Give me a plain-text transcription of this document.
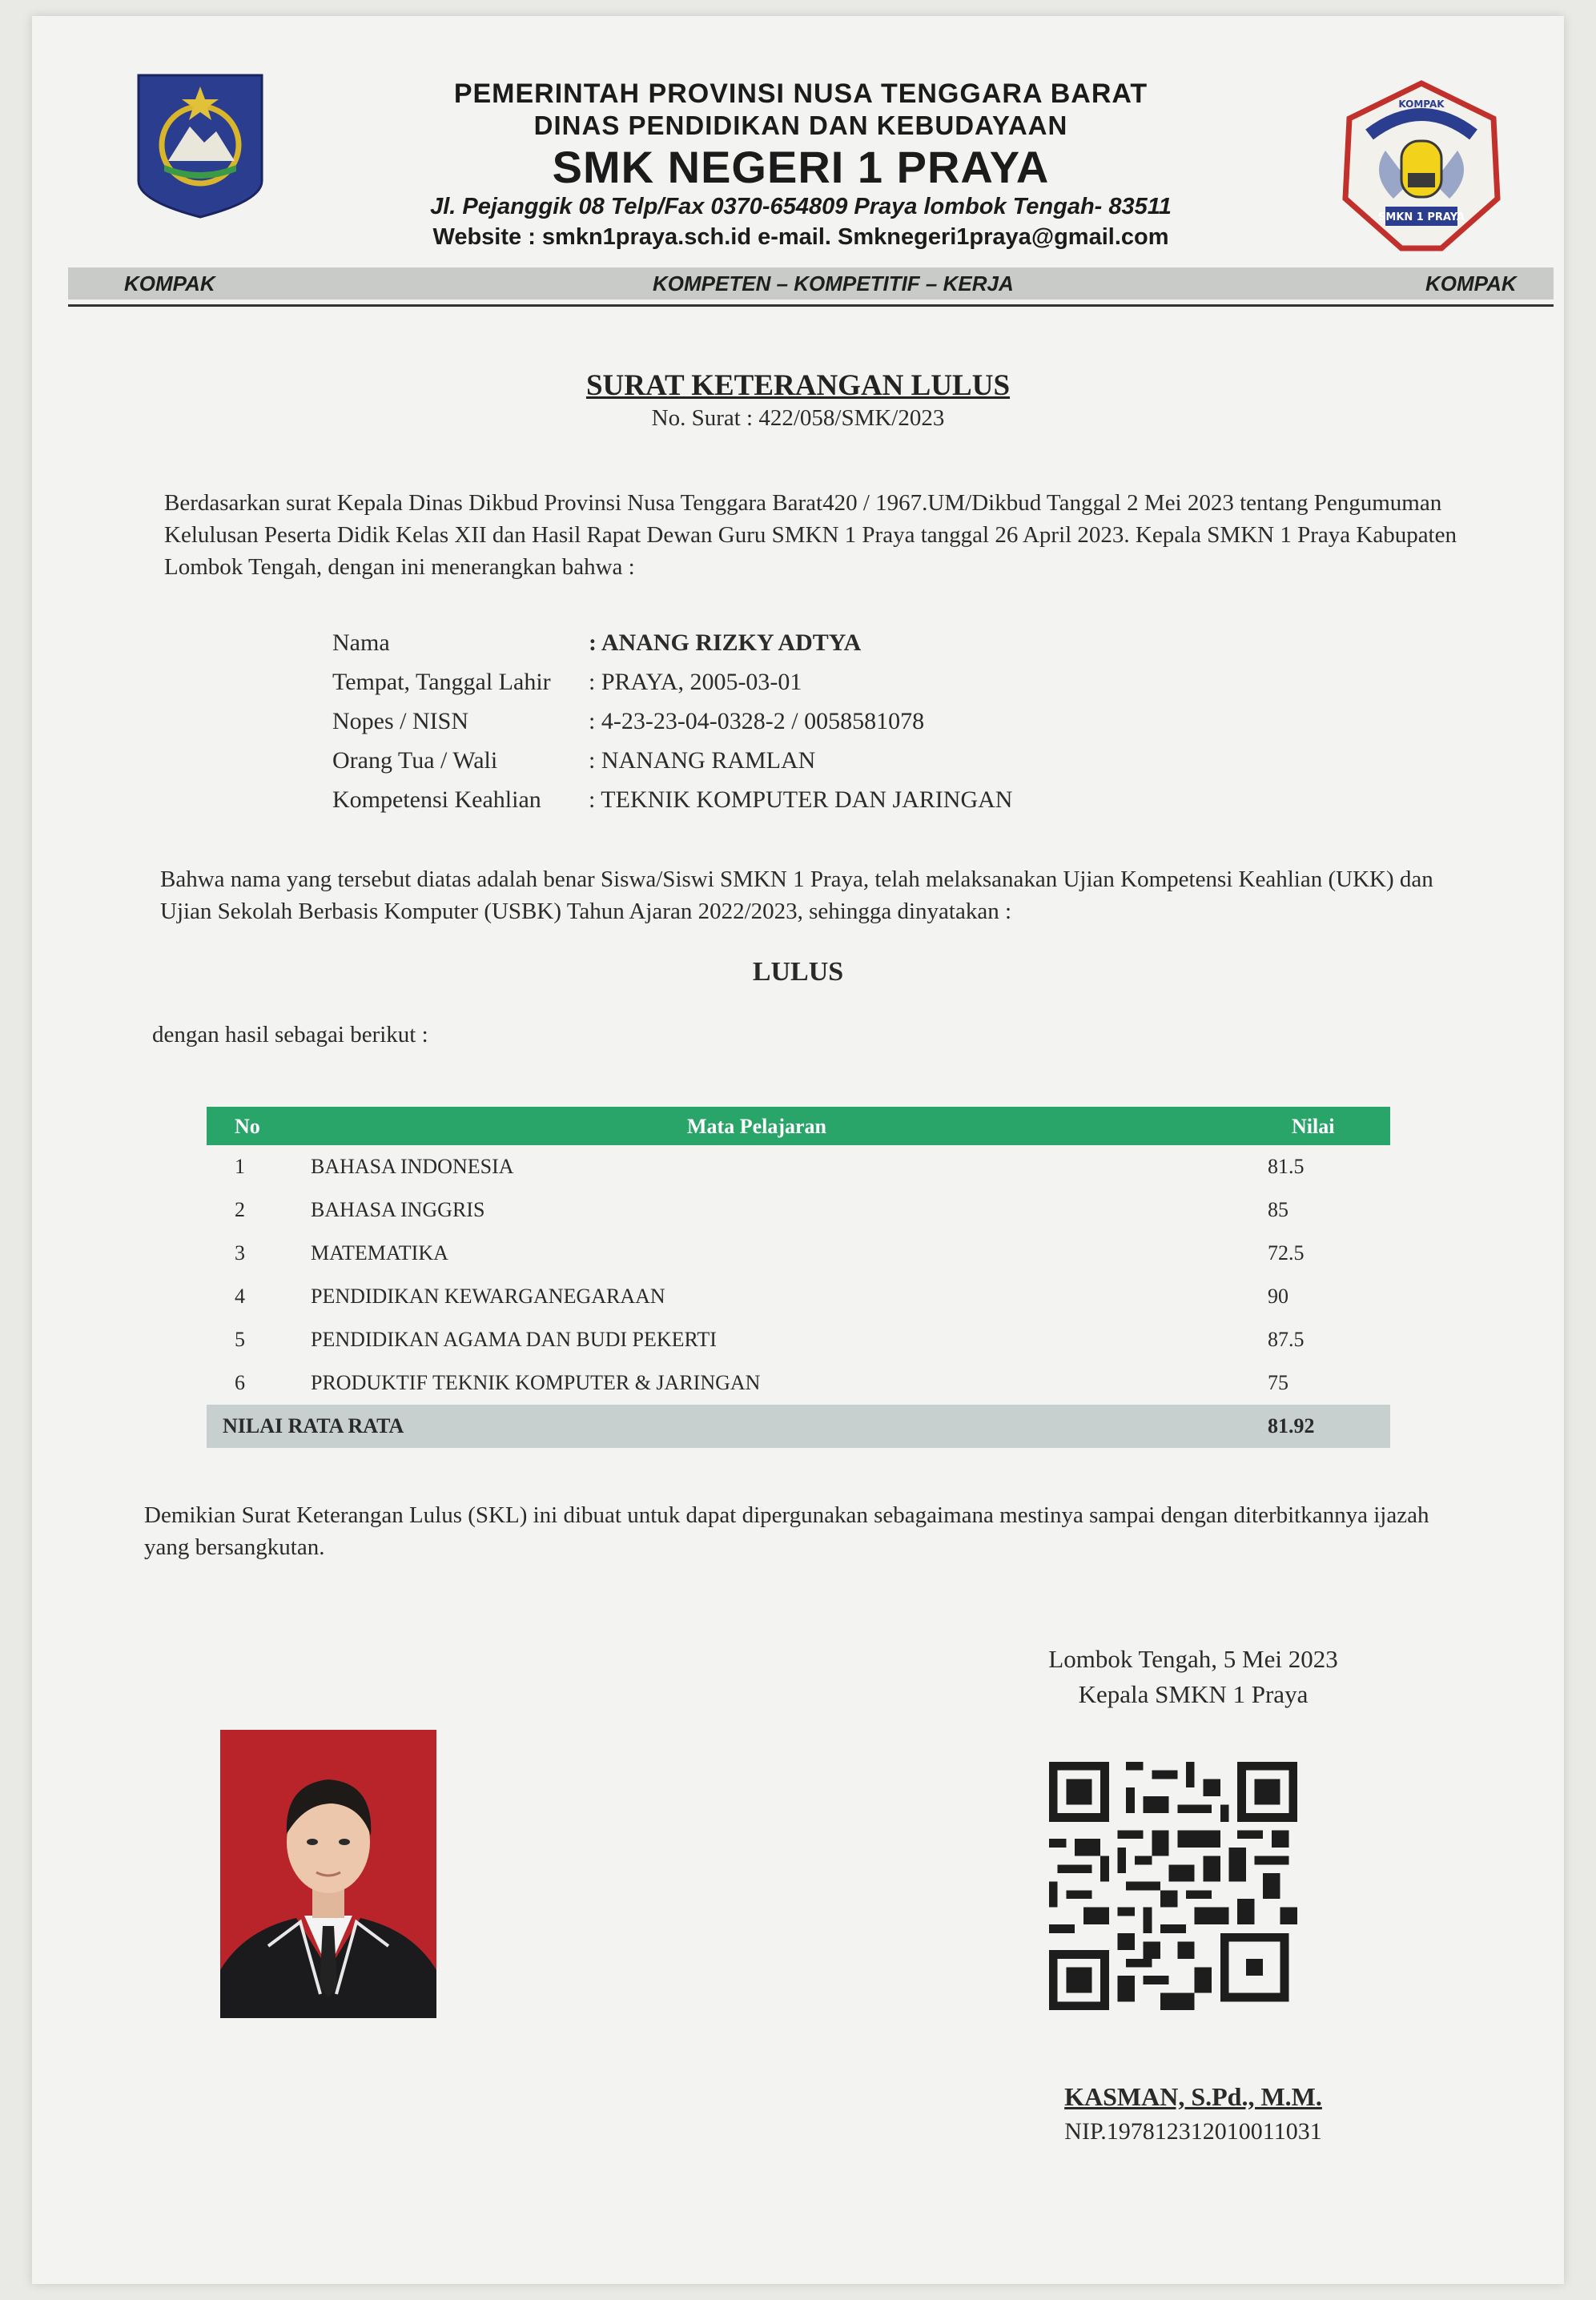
PEMERINTAH PROVINSI NUSA TENGGARA BARAT
DINAS PENDIDIKAN DAN KEBUDAYAAN
SMK NEGERI 1 PRAYA
Jl. Pejanggik 08 Telp/Fax 0370-654809 Praya lombok Tengah- 83511
Website : smkn1praya.sch.id e-mail. Smknegeri1praya@gmail.com
KOMPAK
SMKN 1 PRAYA
KOMPAK	KOMPETEN – KOMPETITIF – KERJA	KOMPAK
SURAT KETERANGAN LULUS
No. Surat : 422/058/SMK/2023
Berdasarkan surat Kepala Dinas Dikbud Provinsi Nusa Tenggara Barat420 / 1967.UM/Dikbud Tanggal 2 Mei 2023 tentang Pengumuman Kelulusan Peserta Didik Kelas XII dan Hasil Rapat Dewan Guru SMKN 1 Praya tanggal 26 April 2023. Kepala SMKN 1 Praya Kabupaten Lombok Tengah, dengan ini menerangkan bahwa :
Nama	: ANANG RIZKY ADTYA
Tempat, Tanggal Lahir	: PRAYA, 2005-03-01
Nopes / NISN	: 4-23-23-04-0328-2 / 0058581078
Orang Tua / Wali	: NANANG RAMLAN
Kompetensi Keahlian	: TEKNIK KOMPUTER DAN JARINGAN
Bahwa nama yang tersebut diatas adalah benar Siswa/Siswi SMKN 1 Praya, telah melaksanakan Ujian Kompetensi Keahlian (UKK) dan Ujian Sekolah Berbasis Komputer (USBK) Tahun Ajaran 2022/2023, sehingga dinyatakan :
LULUS
dengan hasil sebagai berikut :
No	Mata Pelajaran	Nilai
1	BAHASA INDONESIA	81.5
2	BAHASA INGGRIS	85
3	MATEMATIKA	72.5
4	PENDIDIKAN KEWARGANEGARAAN	90
5	PENDIDIKAN AGAMA DAN BUDI PEKERTI	87.5
6	PRODUKTIF TEKNIK KOMPUTER & JARINGAN	75
NILAI RATA RATA	81.92
Demikian Surat Keterangan Lulus (SKL) ini dibuat untuk dapat dipergunakan sebagaimana mestinya sampai dengan diterbitkannya ijazah yang bersangkutan.
Lombok Tengah, 5 Mei 2023
Kepala SMKN 1 Praya
KASMAN, S.Pd., M.M.
NIP.197812312010011031
